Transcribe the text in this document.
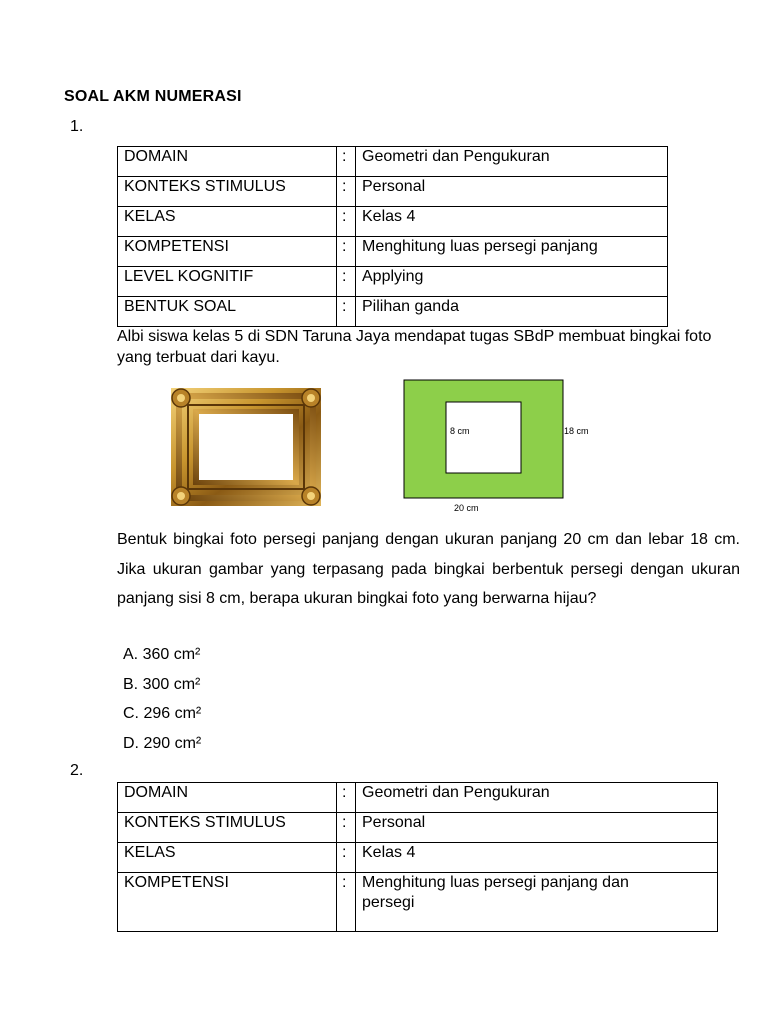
SOAL AKM NUMERASI
1.
DOMAIN	:	Geometri dan Pengukuran
KONTEKS STIMULUS	:	Personal
KELAS	:	Kelas 4
KOMPETENSI	:	Menghitung luas persegi panjang
LEVEL KOGNITIF	:	Applying
BENTUK SOAL	:	Pilihan ganda
Albi siswa kelas 5 di SDN Taruna Jaya mendapat tugas SBdP membuat bingkai foto yang terbuat dari kayu.
8 cm	18 cm
20 cm
Bentuk bingkai foto persegi panjang dengan ukuran panjang 20 cm dan lebar 18 cm. Jika ukuran gambar yang terpasang pada bingkai berbentuk persegi dengan ukuran panjang sisi 8 cm, berapa ukuran bingkai foto yang berwarna hijau?
A. 360 cm²
B. 300 cm²
C. 296 cm²
D. 290 cm²
2.
DOMAIN	:	Geometri dan Pengukuran
KONTEKS STIMULUS	:	Personal
KELAS	:	Kelas 4
KOMPETENSI	:	Menghitung luas persegi panjang dan persegi
